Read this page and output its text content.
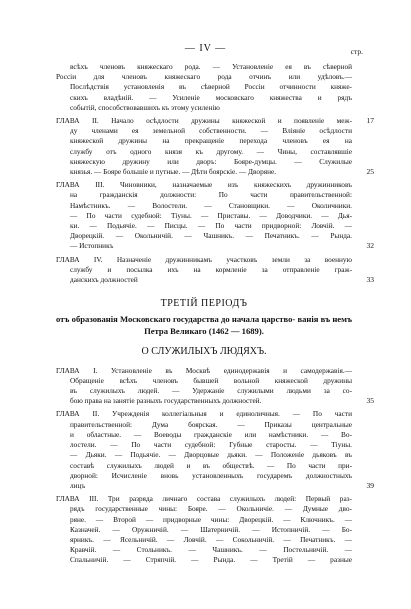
— IV —	стр.
всѣхъ членовъ княжескаго рода. — Установленіе ея въ сѣверной
Россіи для членовъ княжескаго рода отчинъ или удѣловъ.—
Послѣдствія установленія въ сѣверной Россіи отчинности княже-
скихъ владѣній. — Усиленіе московскаго княжества и рядъ
событій, способствовавшихъ къ этому усиленію
17
ГЛАВА II. Начало осѣдлости дружины княжеской и появленіе меж-
ду членами ея земельной собственности. — Вліяніе осѣдлости
княжеской дружины на прекращеніе перехода членовъ ея на
службу отъ одного князя къ другому. — Чины, составлявшіе
княжескую дружину или дворъ: Бояре-думцы. — Служилые
князья. — Бояре большіе и путные. — Дѣти боярскіе. — Дворяне.	25
ГЛАВА III. Чиновники, назначаемые изъ княжескихъ дружинниковъ
на гражданскія должности: По части правительственной:
Намѣстникъ. — Волостели. — Становщики. — Околичники.
— По части судебной: Тіуны. — Приставы. — Доводчики. — Дья-
ки. — Подьячіе. — Писцы. — По части придворной: Ловчій. —
Дворецкій. — Окольничій. — Чашникъ. — Печатникъ. — Рында.
— Истопникъ	32
ГЛАВА IV. Назначеніе дружинникамъ участковъ земли за военную
службу и посылка ихъ на кормленіе за отправленіе граж-
данскихъ должностей	33
ТРЕТІЙ ПЕРІОДЪ
отъ образованія Московскаго государства до начала царство- ванія въ немъ Петра Великаго (1462 — 1689).
О СЛУЖИЛЫХЪ ЛЮДЯХЪ.
ГЛАВА I. Установленіе въ Москвѣ единодержавія и самодержавія.—
Обращеніе всѣхъ членовъ бывшей вольной княжеской дружины
въ служилыхъ людей. — Удержаніе служилыми людьми за со-
бою права на занятіе разныхъ государственныхъ должностей.	35
ГЛАВА II. Учрежденія коллегіальныя и единоличныя. — По части
правительственной: Дума боярская. — Приказы центральные
и областные. — Воеводы гражданскіе или намѣстники. — Во-
лостели. — По части судебной: Губные старосты. — Тіуны.
— Дьяки. — Подьячіе. — Дворцовые дьяки. — Положеніе дьяковъ въ
составѣ служилыхъ людей и въ обществѣ. — По части при-
дворной: Исчисленіе вновь установленныхъ государемъ должностныхъ
лицъ	39
ГЛАВА III. Три разряда личнаго состава служилыхъ людей: Первый раз-
рядъ государственные чины: Бояре. — Окольничіе. — Думные дво-
ряне. — Второй — придворные чины: Дворецкій. — Ключникъ. —
Казначей. — Оружничій. — Шатерничій. — Истопничій. — Бо-
ярникъ. — Ясельничій. — Ловчій. — Сокольничій. — Печатникъ. —
Кравчій. — Стольникъ. — Чашникъ. — Постельничій. —
Спальничій. — Стряпчій. — Рында. — Третій — разные
